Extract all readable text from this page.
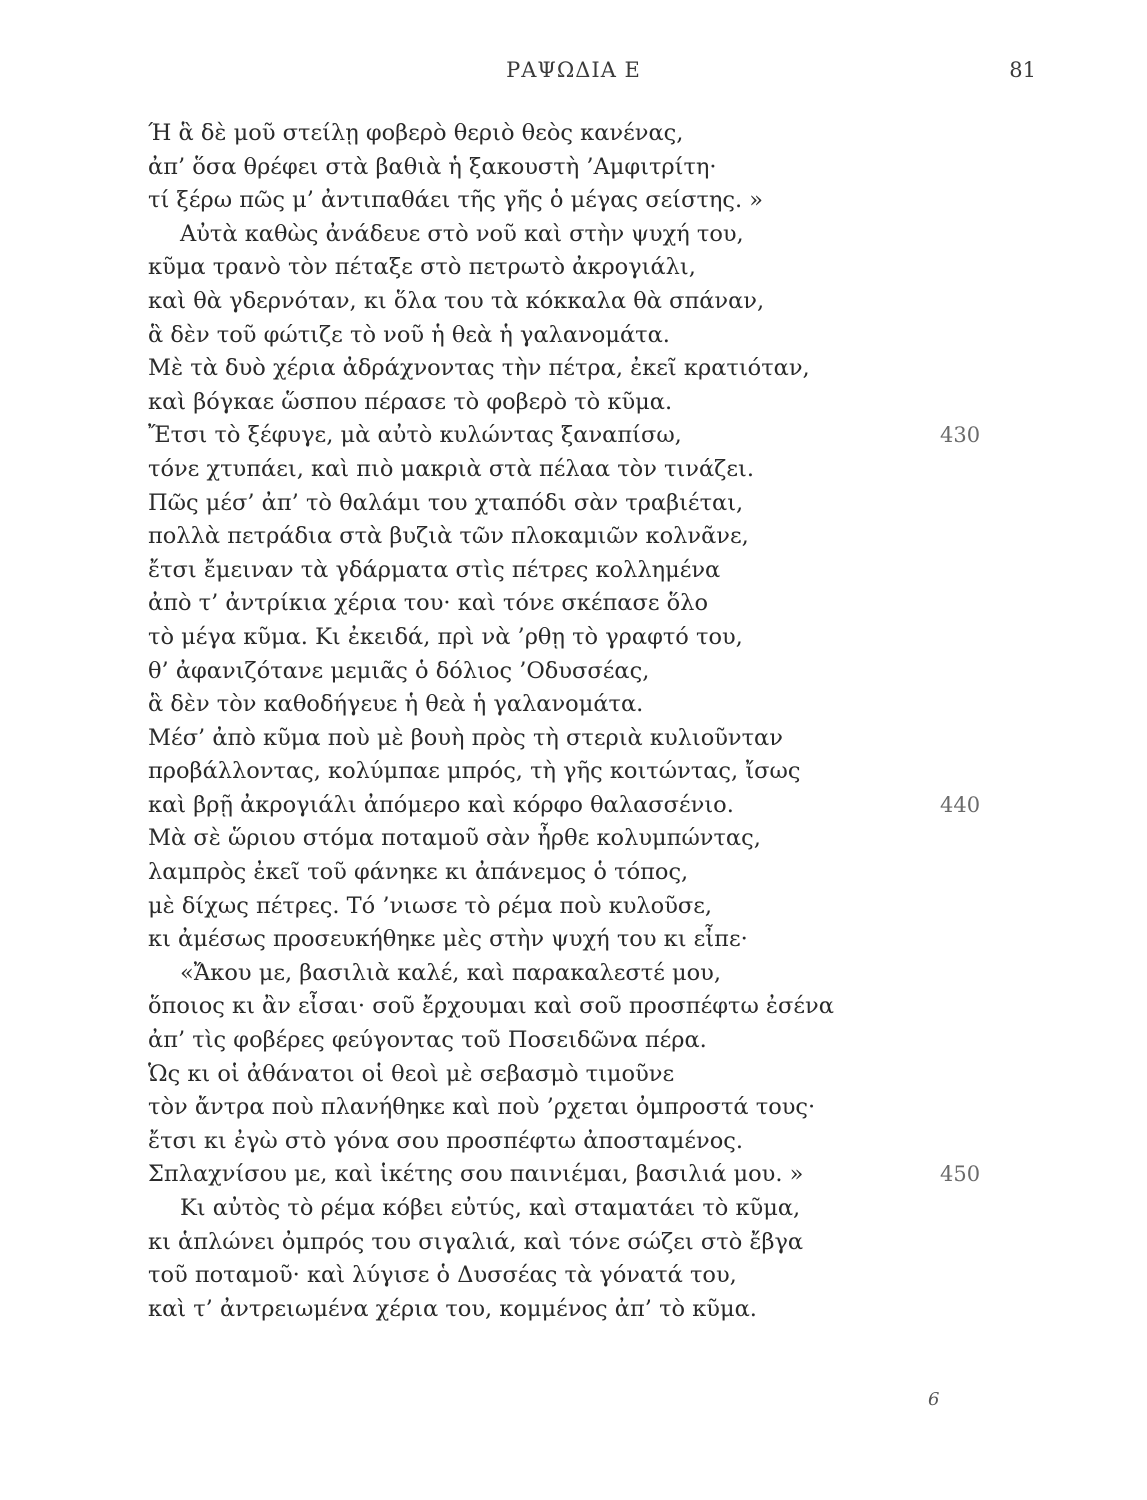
ΡΑΨΩΔΙΑ Ε	81
Ή ἃ δὲ μοῦ στείλῃ φοβερὸ θεριὸ θεὸς κανένας,
ἀπ’ ὅσα θρέφει στὰ βαθιὰ ἡ ξακουστὴ ’Αμφιτρίτη·
τί ξέρω πῶς μ’ ἀντιπαθάει τῆς γῆς ὁ μέγας σείστης. »
Αὐτὰ καθὼς ἀνάδευε στὸ νοῦ καὶ στὴν ψυχή του,
κῦμα τρανὸ τὸν πέταξε στὸ πετρωτὸ ἀκρογιάλι,
καὶ θὰ γδερνόταν, κι ὅλα του τὰ κόκκαλα θὰ σπάναν,
ἃ δὲν τοῦ φώτιζε τὸ νοῦ ἡ θεὰ ἡ γαλανομάτα.
Μὲ τὰ δυὸ χέρια ἀδράχνοντας τὴν πέτρα, ἐκεῖ κρατιόταν,
καὶ βόγκαε ὥσπου πέρασε τὸ φοβερὸ τὸ κῦμα.
Ἔτσι τὸ ξέφυγε, μὰ αὐτὸ κυλώντας ξαναπίσω,	430
τόνε χτυπάει, καὶ πιὸ μακριὰ στὰ πέλαα τὸν τινάζει.
Πῶς μέσ’ ἀπ’ τὸ θαλάμι του χταπόδι σὰν τραβιέται,
πολλὰ πετράδια στὰ βυζιὰ τῶν πλοκαμιῶν κολνᾶνε,
ἔτσι ἔμειναν τὰ γδάρματα στὶς πέτρες κολλημένα
ἀπὸ τ’ ἀντρίκια χέρια του· καὶ τόνε σκέπασε ὅλο
τὸ μέγα κῦμα. Κι ἐκειδά, πρὶ νὰ ’ρθῃ τὸ γραφτό του,
θ’ ἀφανιζότανε μεμιᾶς ὁ δόλιος ’Οδυσσέας,
ἃ δὲν τὸν καθοδήγευε ἡ θεὰ ἡ γαλανομάτα.
Μέσ’ ἀπὸ κῦμα ποὺ μὲ βουὴ πρὸς τὴ στεριὰ κυλιοῦνταν
προβάλλοντας, κολύμπαε μπρός, τὴ γῆς κοιτώντας, ἴσως
καὶ βρῇ ἀκρογιάλι ἀπόμερο καὶ κόρφο θαλασσένιο.	440
Μὰ σὲ ὥριου στόμα ποταμοῦ σὰν ἦρθε κολυμπώντας,
λαμπρὸς ἐκεῖ τοῦ φάνηκε κι ἀπάνεμος ὁ τόπος,
μὲ δίχως πέτρες. Τό ’νιωσε τὸ ρέμα ποὺ κυλοῦσε,
κι ἀμέσως προσευκήθηκε μὲς στὴν ψυχή του κι εἶπε·
«Ἄκου με, βασιλιὰ καλέ, καὶ παρακαλεστέ μου,
ὅποιος κι ἂν εἶσαι· σοῦ ἔρχουμαι καὶ σοῦ προσπέφτω ἐσένα
ἀπ’ τὶς φοβέρες φεύγοντας τοῦ Ποσειδῶνα πέρα.
Ὡς κι οἱ ἀθάνατοι οἱ θεοὶ μὲ σεβασμὸ τιμοῦνε
τὸν ἄντρα ποὺ πλανήθηκε καὶ ποὺ ’ρχεται ὀμπροστά τους·
ἔτσι κι ἐγὼ στὸ γόνα σου προσπέφτω ἀποσταμένος.
Σπλαχνίσου με, καὶ ἱκέτης σου παινιέμαι, βασιλιά μου. »	450
Κι αὐτὸς τὸ ρέμα κόβει εὐτύς, καὶ σταματάει τὸ κῦμα,
κι ἁπλώνει ὀμπρός του σιγαλιά, καὶ τόνε σώζει στὸ ἔβγα
τοῦ ποταμοῦ· καὶ λύγισε ὁ Δυσσέας τὰ γόνατά του,
καὶ τ’ ἀντρειωμένα χέρια του, κομμένος ἀπ’ τὸ κῦμα.
6
